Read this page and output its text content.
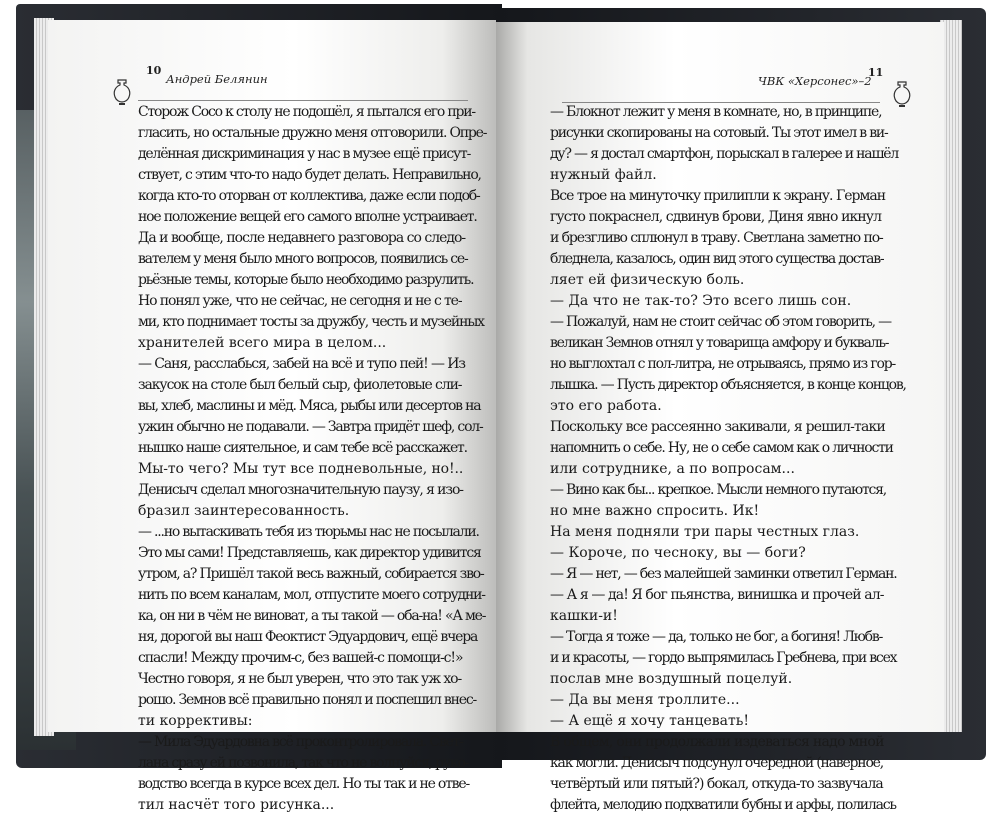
10
Андрей Белянин
Сторож Сосо к столу не подошёл, я пытался его при-
гласить, но остальные дружно меня отговорили. Опре-
делённая дискриминация у нас в музее ещё присут-
ствует, с этим что-то надо будет делать. Неправильно,
когда кто-то оторван от коллектива, даже если подоб-
ное положение вещей его самого вполне устраивает.
Да и вообще, после недавнего разговора со следо-
вателем у меня было много вопросов, появились се-
рьёзные темы, которые было необходимо разрулить.
Но понял уже, что не сейчас, не сегодня и не с те-
ми, кто поднимает тосты за дружбу, честь и музейных
хранителей всего мира в целом...
— Саня, расслабься, забей на всё и тупо пей! — Из
закусок на столе был белый сыр, фиолетовые сли-
вы, хлеб, маслины и мёд. Мяса, рыбы или десертов на
ужин обычно не подавали. — Завтра придёт шеф, сол-
нышко наше сиятельное, и сам тебе всё расскажет.
Мы-то чего? Мы тут все подневольные, но!..
Денисыч сделал многозначительную паузу, я изо-
бразил заинтересованность.
— ...но вытаскивать тебя из тюрьмы нас не посылали.
Это мы сами! Представляешь, как директор удивится
утром, а? Пришёл такой весь важный, собирается зво-
нить по всем каналам, мол, отпустите моего сотрудни-
ка, он ни в чём не виноват, а ты такой — оба-на! «А ме-
ня, дорогой вы наш Феоктист Эдуардович, ещё вчера
спасли! Между прочим-с, без вашей-с помощи-с!»
Честно говоря, я не был уверен, что это так уж хо-
рошо. Земнов всё правильно понял и поспешил внес-
ти коррективы:
— Мила Эдуардовна всё проконтролировала. Свет-
лана сразу ей позвонила, так что не волнуйся, руко-
водство всегда в курсе всех дел. Но ты так и не отве-
тил насчёт того рисунка...
ЧВК «Херсонес»–2
11
— Блокнот лежит у меня в комнате, но, в принципе,
рисунки скопированы на сотовый. Ты этот имел в ви-
ду? — я достал смартфон, порыскал в галерее и нашёл
нужный файл.
Все трое на минуточку прилипли к экрану. Герман
густо покраснел, сдвинув брови, Диня явно икнул
и брезгливо сплюнул в траву. Светлана заметно по-
бледнела, казалось, один вид этого существа достав-
ляет ей физическую боль.
— Да что не так-то? Это всего лишь сон.
— Пожалуй, нам не стоит сейчас об этом говорить, —
великан Земнов отнял у товарища амфору и букваль-
но выглохтал с пол-литра, не отрываясь, прямо из гор-
лышка. — Пусть директор объясняется, в конце концов,
это его работа.
Поскольку все рассеянно закивали, я решил-таки
напомнить о себе. Ну, не о себе самом как о личности
или сотруднике, а по вопросам...
— Вино как бы... крепкое. Мысли немного путаются,
но мне важно спросить. Ик!
На меня подняли три пары честных глаз.
— Короче, по чесноку, вы — боги?
— Я — нет, — без малейшей заминки ответил Герман.
— А я — да! Я бог пьянства, винишка и прочей ал-
кашки-и!
— Тогда я тоже — да, только не бог, а богиня! Любв-
и и красоты, — гордо выпрямилась Гребнева, при всех
послав мне воздушный поцелуй.
— Да вы меня троллите...
— А ещё я хочу танцевать!
В общем, они продолжали издеваться надо мной
как могли. Денисыч подсунул очередной (наверное,
четвёртый или пятый?) бокал, откуда-то зазвучала
флейта, мелодию подхватили бубны и арфы, полилась
